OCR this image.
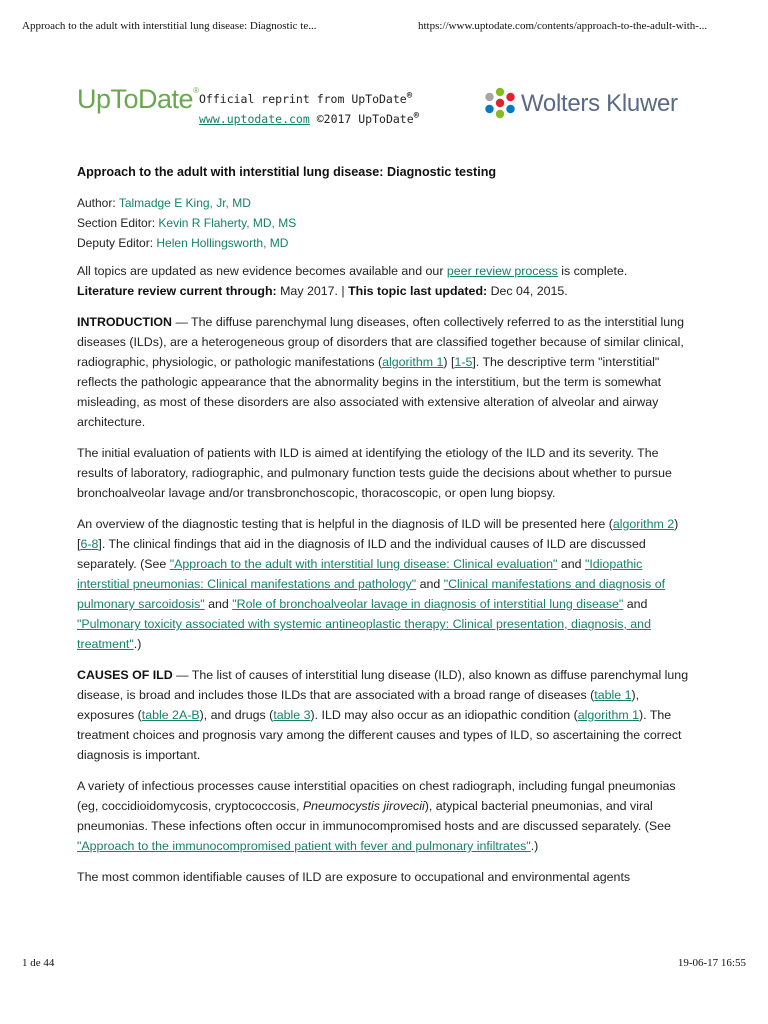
Approach to the adult with interstitial lung disease: Diagnostic te...	https://www.uptodate.com/contents/approach-to-the-adult-with-...
UpToDate®
Official reprint from UpToDate®
www.uptodate.com ©2017 UpToDate®	Wolters Kluwer
Approach to the adult with interstitial lung disease: Diagnostic testing
Author: Talmadge E King, Jr, MD
Section Editor: Kevin R Flaherty, MD, MS
Deputy Editor: Helen Hollingsworth, MD

All topics are updated as new evidence becomes available and our peer review process is complete.
Literature review current through: May 2017. | This topic last updated: Dec 04, 2015.

INTRODUCTION — The diffuse parenchymal lung diseases, often collectively referred to as the interstitial lung diseases (ILDs), are a heterogeneous group of disorders that are classified together because of similar clinical, radiographic, physiologic, or pathologic manifestations (algorithm 1) [1-5]. The descriptive term "interstitial" reflects the pathologic appearance that the abnormality begins in the interstitium, but the term is somewhat misleading, as most of these disorders are also associated with extensive alteration of alveolar and airway architecture.

The initial evaluation of patients with ILD is aimed at identifying the etiology of the ILD and its severity. The results of laboratory, radiographic, and pulmonary function tests guide the decisions about whether to pursue bronchoalveolar lavage and/or transbronchoscopic, thoracoscopic, or open lung biopsy.

An overview of the diagnostic testing that is helpful in the diagnosis of ILD will be presented here (algorithm 2) [6-8]. The clinical findings that aid in the diagnosis of ILD and the individual causes of ILD are discussed separately. (See "Approach to the adult with interstitial lung disease: Clinical evaluation" and "Idiopathic interstitial pneumonias: Clinical manifestations and pathology" and "Clinical manifestations and diagnosis of pulmonary sarcoidosis" and "Role of bronchoalveolar lavage in diagnosis of interstitial lung disease" and "Pulmonary toxicity associated with systemic antineoplastic therapy: Clinical presentation, diagnosis, and treatment".)

CAUSES OF ILD — The list of causes of interstitial lung disease (ILD), also known as diffuse parenchymal lung disease, is broad and includes those ILDs that are associated with a broad range of diseases (table 1), exposures (table 2A-B), and drugs (table 3). ILD may also occur as an idiopathic condition (algorithm 1). The treatment choices and prognosis vary among the different causes and types of ILD, so ascertaining the correct diagnosis is important.

A variety of infectious processes cause interstitial opacities on chest radiograph, including fungal pneumonias (eg, coccidioidomycosis, cryptococcosis, Pneumocystis jirovecii), atypical bacterial pneumonias, and viral pneumonias. These infections often occur in immunocompromised hosts and are discussed separately. (See "Approach to the immunocompromised patient with fever and pulmonary infiltrates".)

The most common identifiable causes of ILD are exposure to occupational and environmental agents

1 de 44	19-06-17 16:55
